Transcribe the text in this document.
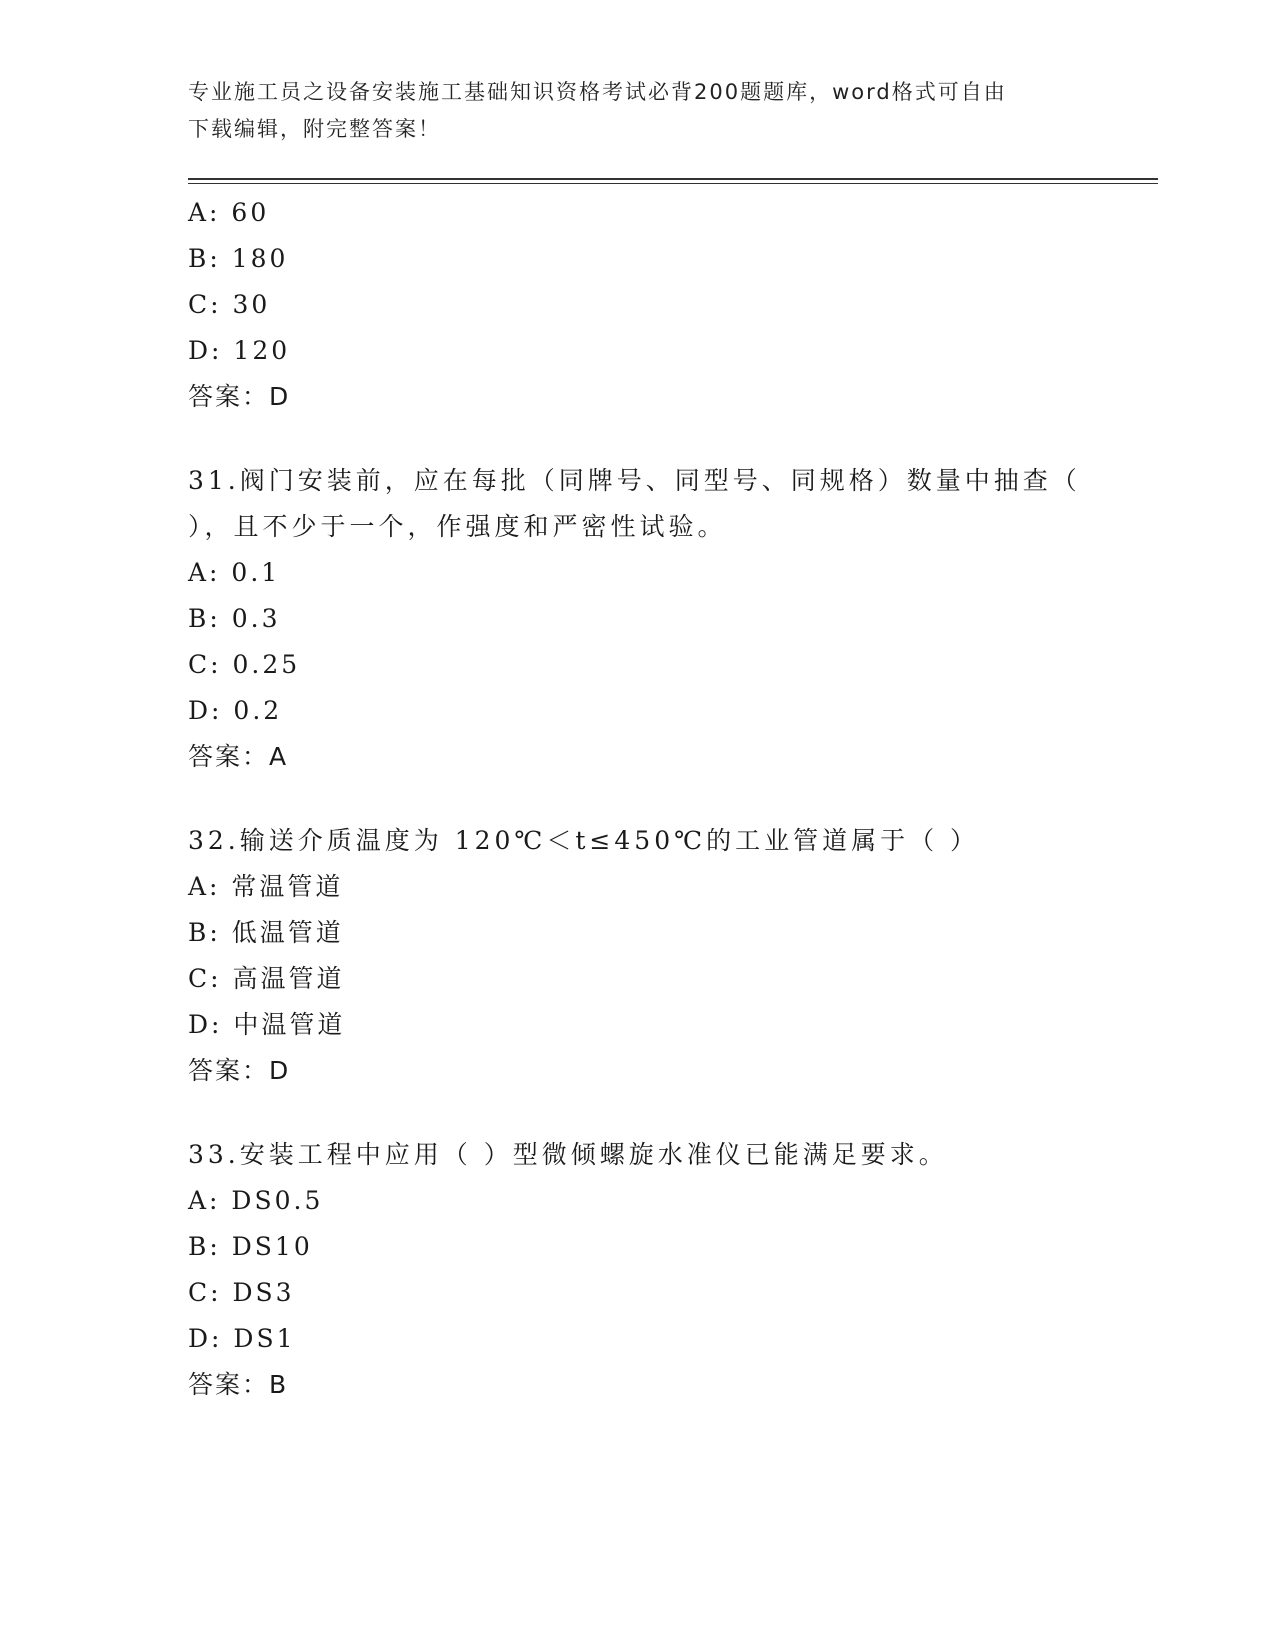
专业施工员之设备安装施工基础知识资格考试必背200题题库，word格式可自由
下载编辑，附完整答案！
A: 60
B: 180
C: 30
D: 120
答案：D
31.阀门安装前，应在每批（同牌号、同型号、同规格）数量中抽查（
），且不少于一个，作强度和严密性试验。
A: 0.1
B: 0.3
C: 0.25
D: 0.2
答案：A
32.输送介质温度为 120℃＜t≤450℃的工业管道属于（ ）
A: 常温管道
B: 低温管道
C: 高温管道
D: 中温管道
答案：D
33.安装工程中应用（ ）型微倾螺旋水准仪已能满足要求。
A: DS0.5
B: DS10
C: DS3
D: DS1
答案：B
